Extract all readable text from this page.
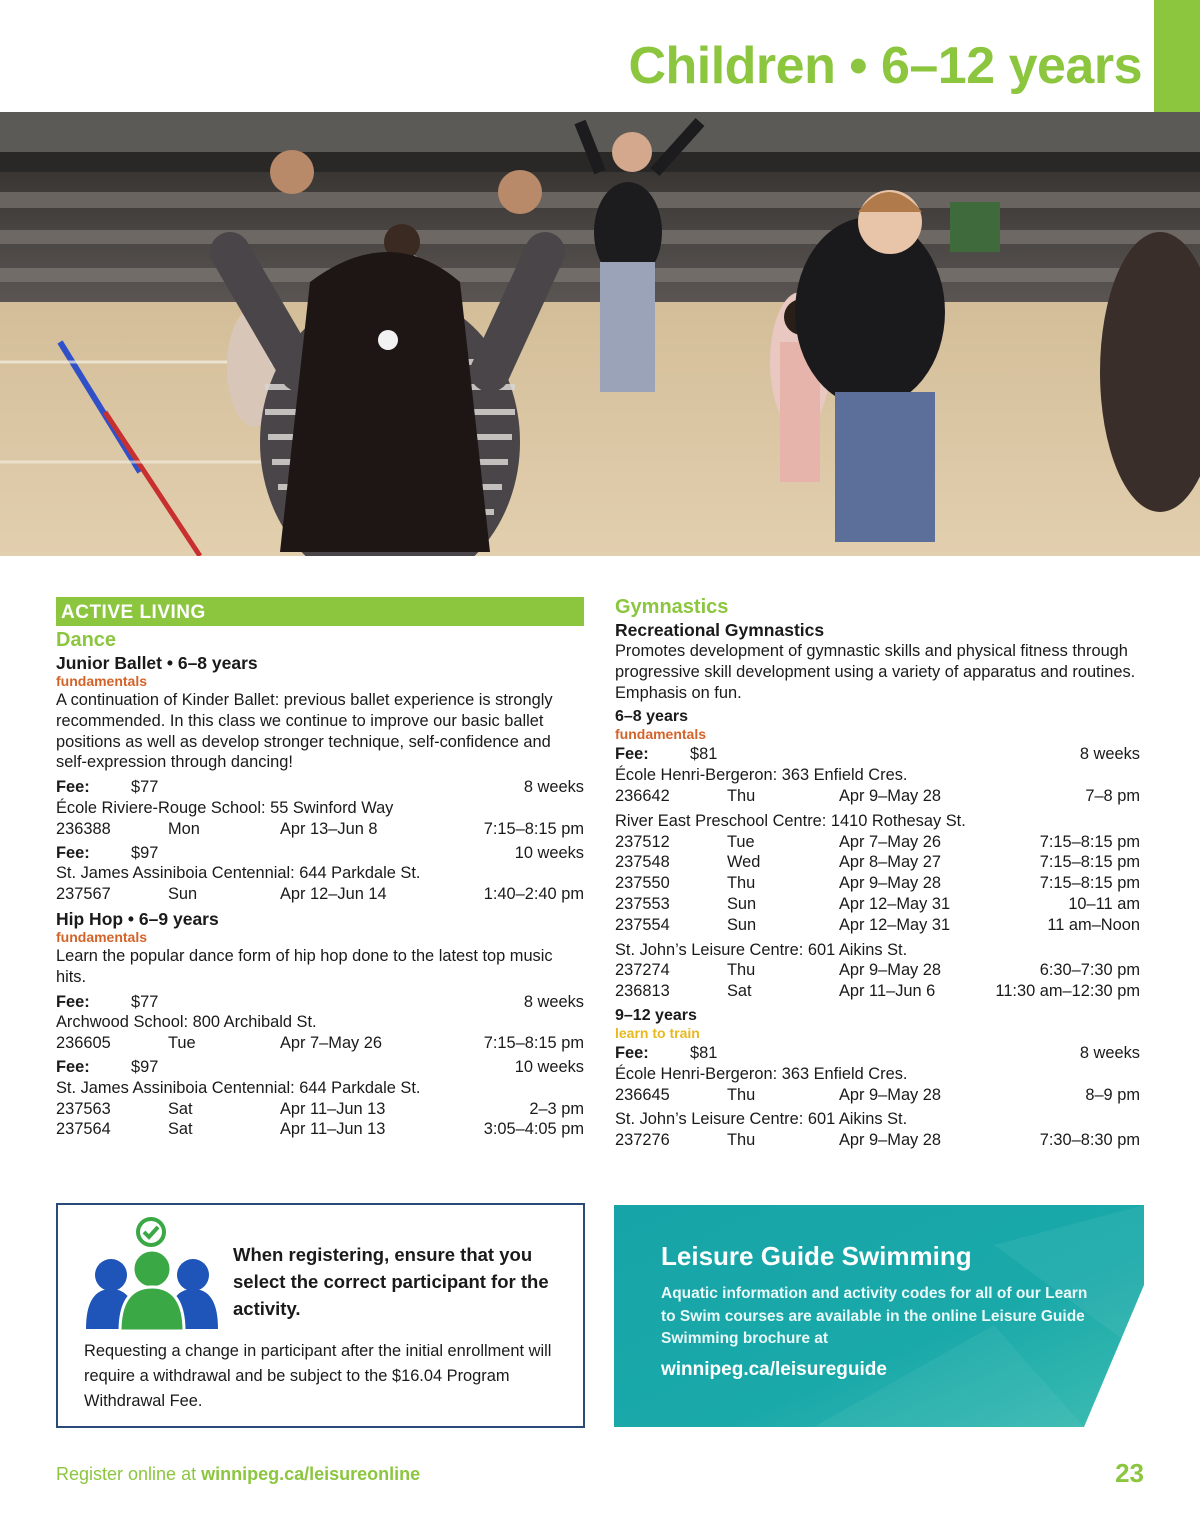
Children • 6–12 years
ACTIVE LIVING
Dance
Junior Ballet • 6–8 years
fundamentals
A continuation of Kinder Ballet: previous ballet experience is strongly recommended. In this class we continue to improve our basic ballet positions as well as develop stronger technique, self-confidence and self-expression through dancing!
Fee:	$77	8 weeks
École Riviere-Rouge School: 55 Swinford Way
236388	Mon	Apr 13–Jun 8	7:15–8:15 pm
Fee:	$97	10 weeks
St. James Assiniboia Centennial: 644 Parkdale St.
237567	Sun	Apr 12–Jun 14	1:40–2:40 pm
Hip Hop • 6–9 years
fundamentals
Learn the popular dance form of hip hop done to the latest top music hits.
Fee:	$77	8 weeks
Archwood School: 800 Archibald St.
236605	Tue	Apr 7–May 26	7:15–8:15 pm
Fee:	$97	10 weeks
St. James Assiniboia Centennial: 644 Parkdale St.
237563	Sat	Apr 11–Jun 13	2–3 pm
237564	Sat	Apr 11–Jun 13	3:05–4:05 pm
Gymnastics
Recreational Gymnastics
Promotes development of gymnastic skills and physical fitness through progressive skill development using a variety of apparatus and routines. Emphasis on fun.
6–8 years
fundamentals
Fee:	$81	8 weeks
École Henri-Bergeron: 363 Enfield Cres.
236642	Thu	Apr 9–May 28	7–8 pm
River East Preschool Centre: 1410 Rothesay St.
237512	Tue	Apr 7–May 26	7:15–8:15 pm
237548	Wed	Apr 8–May 27	7:15–8:15 pm
237550	Thu	Apr 9–May 28	7:15–8:15 pm
237553	Sun	Apr 12–May 31	10–11 am
237554	Sun	Apr 12–May 31	11 am–Noon
St. John’s Leisure Centre: 601 Aikins St.
237274	Thu	Apr 9–May 28	6:30–7:30 pm
236813	Sat	Apr 11–Jun 6	11:30 am–12:30 pm
9–12 years
learn to train
Fee:	$81	8 weeks
École Henri-Bergeron: 363 Enfield Cres.
236645	Thu	Apr 9–May 28	8–9 pm
St. John’s Leisure Centre: 601 Aikins St.
237276	Thu	Apr 9–May 28	7:30–8:30 pm
When registering, ensure that you select the correct participant for the activity.
Requesting a change in participant after the initial enrollment will require a withdrawal and be subject to the $16.04 Program Withdrawal Fee.
Leisure Guide Swimming
Aquatic information and activity codes for all of our Learn to Swim courses are available in the online Leisure Guide Swimming brochure at
winnipeg.ca/leisureguide
Register online at winnipeg.ca/leisureonline	23
